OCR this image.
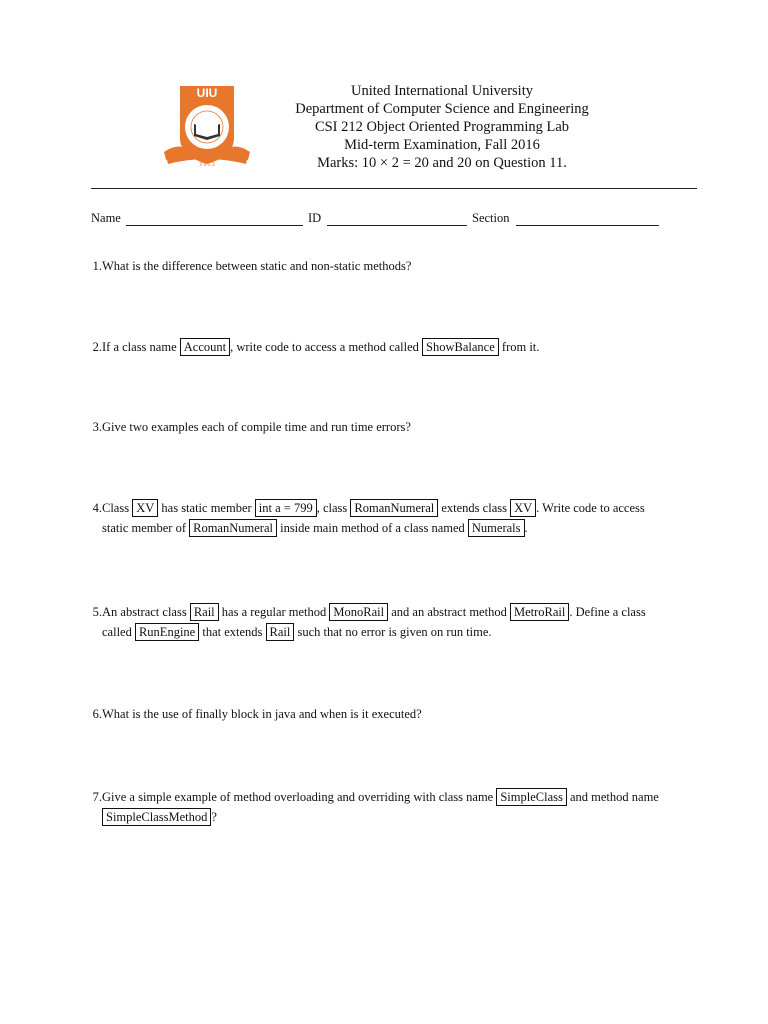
UIU
2 0 0 3
United International University
Department of Computer Science and Engineering
CSI 212 Object Oriented Programming Lab
Mid-term Examination, Fall 2016
Marks: 10 × 2 = 20 and 20 on Question 11.
Name	ID	Section
1. What is the difference between static and non-static methods?
2. If a class name Account , write code to access a method called ShowBalance from it.
3. Give two examples each of compile time and run time errors?
4. Class XV has static member int a = 799 , class RomanNumeral extends class XV . Write code to access
static member of RomanNumeral inside main method of a class named Numerals .
5. An abstract class Rail has a regular method MonoRail and an abstract method MetroRail . Define a class
called RunEngine that extends Rail such that no error is given on run time.
6. What is the use of finally block in java and when is it executed?
7. Give a simple example of method overloading and overriding with class name SimpleClass and method name
SimpleClassMethod ?
